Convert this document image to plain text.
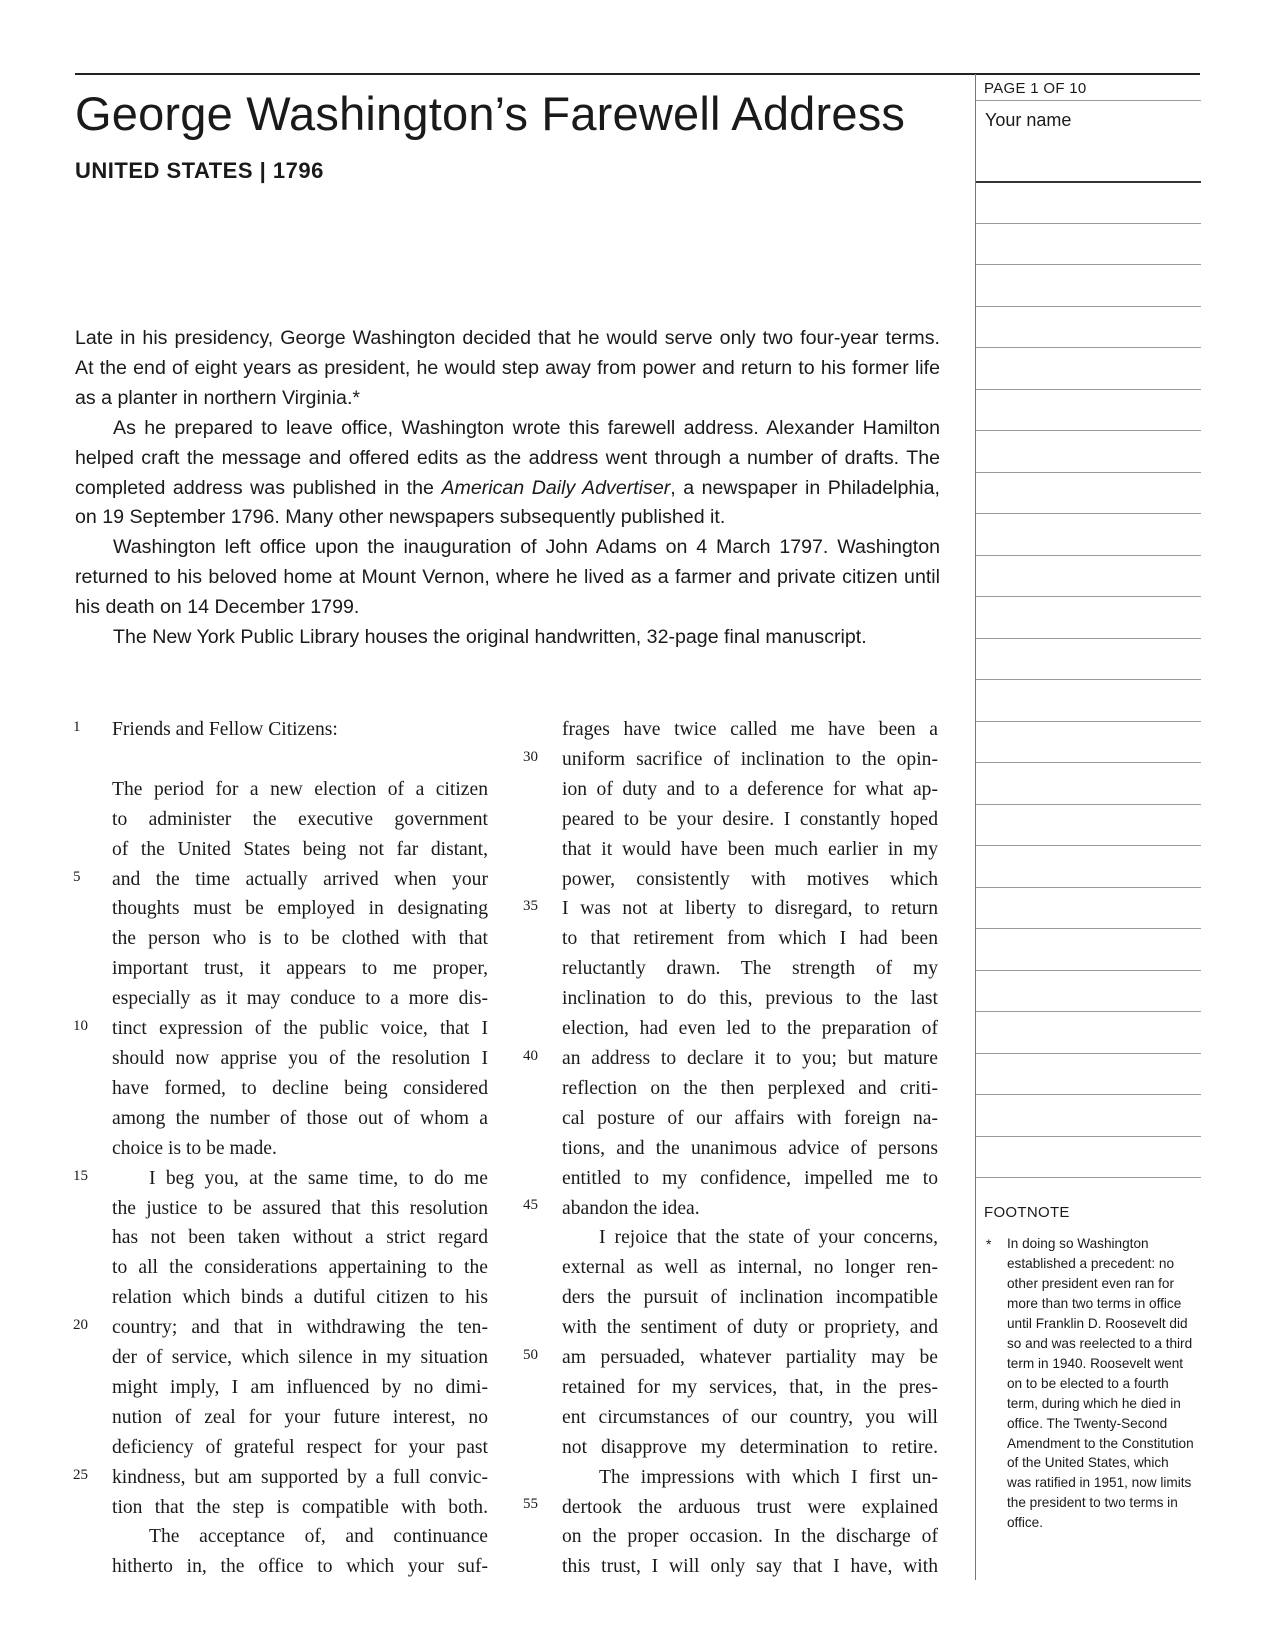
George Washington’s Farewell Address
UNITED STATES | 1796
PAGE 1 OF 10
Your name
FOOTNOTE
* In doing so Washington established a precedent: no other president even ran for more than two terms in office until Franklin D. Roosevelt did so and was reelected to a third term in 1940. Roosevelt went on to be elected to a fourth term, during which he died in office. The Twenty-Second Amendment to the Constitution of the United States, which was ratified in 1951, now limits the president to two terms in office.

Late in his presidency, George Washington decided that he would serve only two four-year terms. At the end of eight years as president, he would step away from power and return to his former life as a planter in northern Virginia.*

As he prepared to leave office, Washington wrote this farewell address. Alexander Hamilton helped craft the message and offered edits as the address went through a number of drafts. The completed address was published in the American Daily Advertiser, a newspaper in Philadelphia, on 19 September 1796. Many other newspapers subsequently published it.

Washington left office upon the inauguration of John Adams on 4 March 1797. Washington returned to his beloved home at Mount Vernon, where he lived as a farmer and private citizen until his death on 14 December 1799.

The New York Public Library houses the original handwritten, 32-page final manuscript.

Friends and Fellow Citizens:

The period for a new election of a citizen
to administer the executive government
of the United States being not far distant,
and the time actually arrived when your
thoughts must be employed in designating
the person who is to be clothed with that
important trust, it appears to me proper,
especially as it may conduce to a more dis-
tinct expression of the public voice, that I
should now apprise you of the resolution I
have formed, to decline being considered
among the number of those out of whom a
choice is to be made.
I beg you, at the same time, to do me
the justice to be assured that this resolution
has not been taken without a strict regard
to all the considerations appertaining to the
relation which binds a dutiful citizen to his
country; and that in withdrawing the ten-
der of service, which silence in my situation
might imply, I am influenced by no dimi-
nution of zeal for your future interest, no
deficiency of grateful respect for your past
kindness, but am supported by a full convic-
tion that the step is compatible with both.
The acceptance of, and continuance
hitherto in, the office to which your suf-
frages have twice called me have been a
uniform sacrifice of inclination to the opin-
ion of duty and to a deference for what ap-
peared to be your desire. I constantly hoped
that it would have been much earlier in my
power, consistently with motives which
I was not at liberty to disregard, to return
to that retirement from which I had been
reluctantly drawn. The strength of my
inclination to do this, previous to the last
election, had even led to the preparation of
an address to declare it to you; but mature
reflection on the then perplexed and criti-
cal posture of our affairs with foreign na-
tions, and the unanimous advice of persons
entitled to my confidence, impelled me to
abandon the idea.
I rejoice that the state of your concerns,
external as well as internal, no longer ren-
ders the pursuit of inclination incompatible
with the sentiment of duty or propriety, and
am persuaded, whatever partiality may be
retained for my services, that, in the pres-
ent circumstances of our country, you will
not disapprove my determination to retire.
The impressions with which I first un-
dertook the arduous trust were explained
on the proper occasion. In the discharge of
this trust, I will only say that I have, with
1
5
10
15
20
25
30
35
40
45
50
55
